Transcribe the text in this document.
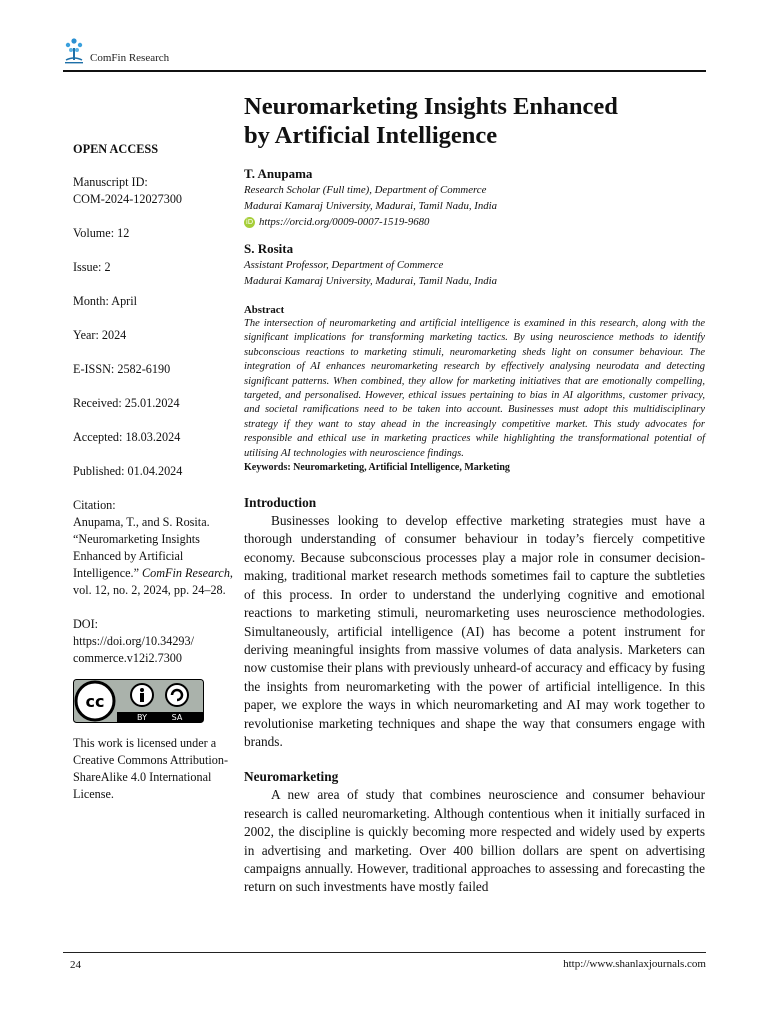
ComFin Research
OPEN ACCESS
Manuscript ID:
COM-2024-12027300
Volume: 12
Issue: 2
Month: April
Year: 2024
E-ISSN: 2582-6190
Received: 25.01.2024
Accepted: 18.03.2024
Published: 01.04.2024
Citation:
Anupama, T., and S. Rosita. “Neuromarketing Insights Enhanced by Artificial Intelligence.” ComFin Research, vol. 12, no. 2, 2024, pp. 24–28.
DOI:
https://doi.org/10.34293/
commerce.v12i2.7300
cc
BY	SA
This work is licensed under a Creative Commons Attribution-ShareAlike 4.0 International License.
Neuromarketing Insights Enhanced
by Artificial Intelligence
T. Anupama
Research Scholar (Full time), Department of Commerce
Madurai Kamaraj University, Madurai, Tamil Nadu, India
iD https://orcid.org/0009-0007-1519-9680
S. Rosita
Assistant Professor, Department of Commerce
Madurai Kamaraj University, Madurai, Tamil Nadu, India
Abstract
The intersection of neuromarketing and artificial intelligence is examined in this research, along with the significant implications for transforming marketing tactics. By using neuroscience methods to identify subconscious reactions to marketing stimuli, neuromarketing sheds light on consumer behaviour. The integration of AI enhances neuromarketing research by effectively analysing neurodata and detecting significant patterns. When combined, they allow for marketing initiatives that are emotionally compelling, targeted, and personalised. However, ethical issues pertaining to bias in AI algorithms, customer privacy, and societal ramifications need to be taken into account. Businesses must adopt this multidisciplinary strategy if they want to stay ahead in the increasingly competitive market. This study advocates for responsible and ethical use in marketing practices while highlighting the transformational potential of utilising AI technologies with neuroscience findings.
Keywords: Neuromarketing, Artificial Intelligence, Marketing
Introduction

Businesses looking to develop effective marketing strategies must have a thorough understanding of consumer behaviour in today’s fiercely competitive economy. Because subconscious processes play a major role in consumer decision-making, traditional market research methods sometimes fail to capture the subtleties of this process. In order to understand the underlying cognitive and emotional reactions to marketing stimuli, neuromarketing uses neuroscience methodologies. Simultaneously, artificial intelligence (AI) has become a potent instrument for deriving meaningful insights from massive volumes of data analysis. Marketers can now customise their plans with previously unheard-of accuracy and efficacy by fusing the insights from neuromarketing with the power of artificial intelligence. In this paper, we explore the ways in which neuromarketing and AI may work together to revolutionise marketing techniques and shape the way that consumers engage with brands.

Neuromarketing

A new area of study that combines neuroscience and consumer behaviour research is called neuromarketing. Although contentious when it initially surfaced in 2002, the discipline is quickly becoming more respected and widely used by experts in advertising and marketing. Over 400 billion dollars are spent on advertising campaigns annually. However, traditional approaches to assessing and forecasting the return on such investments have mostly failed

24	http://www.shanlaxjournals.com
